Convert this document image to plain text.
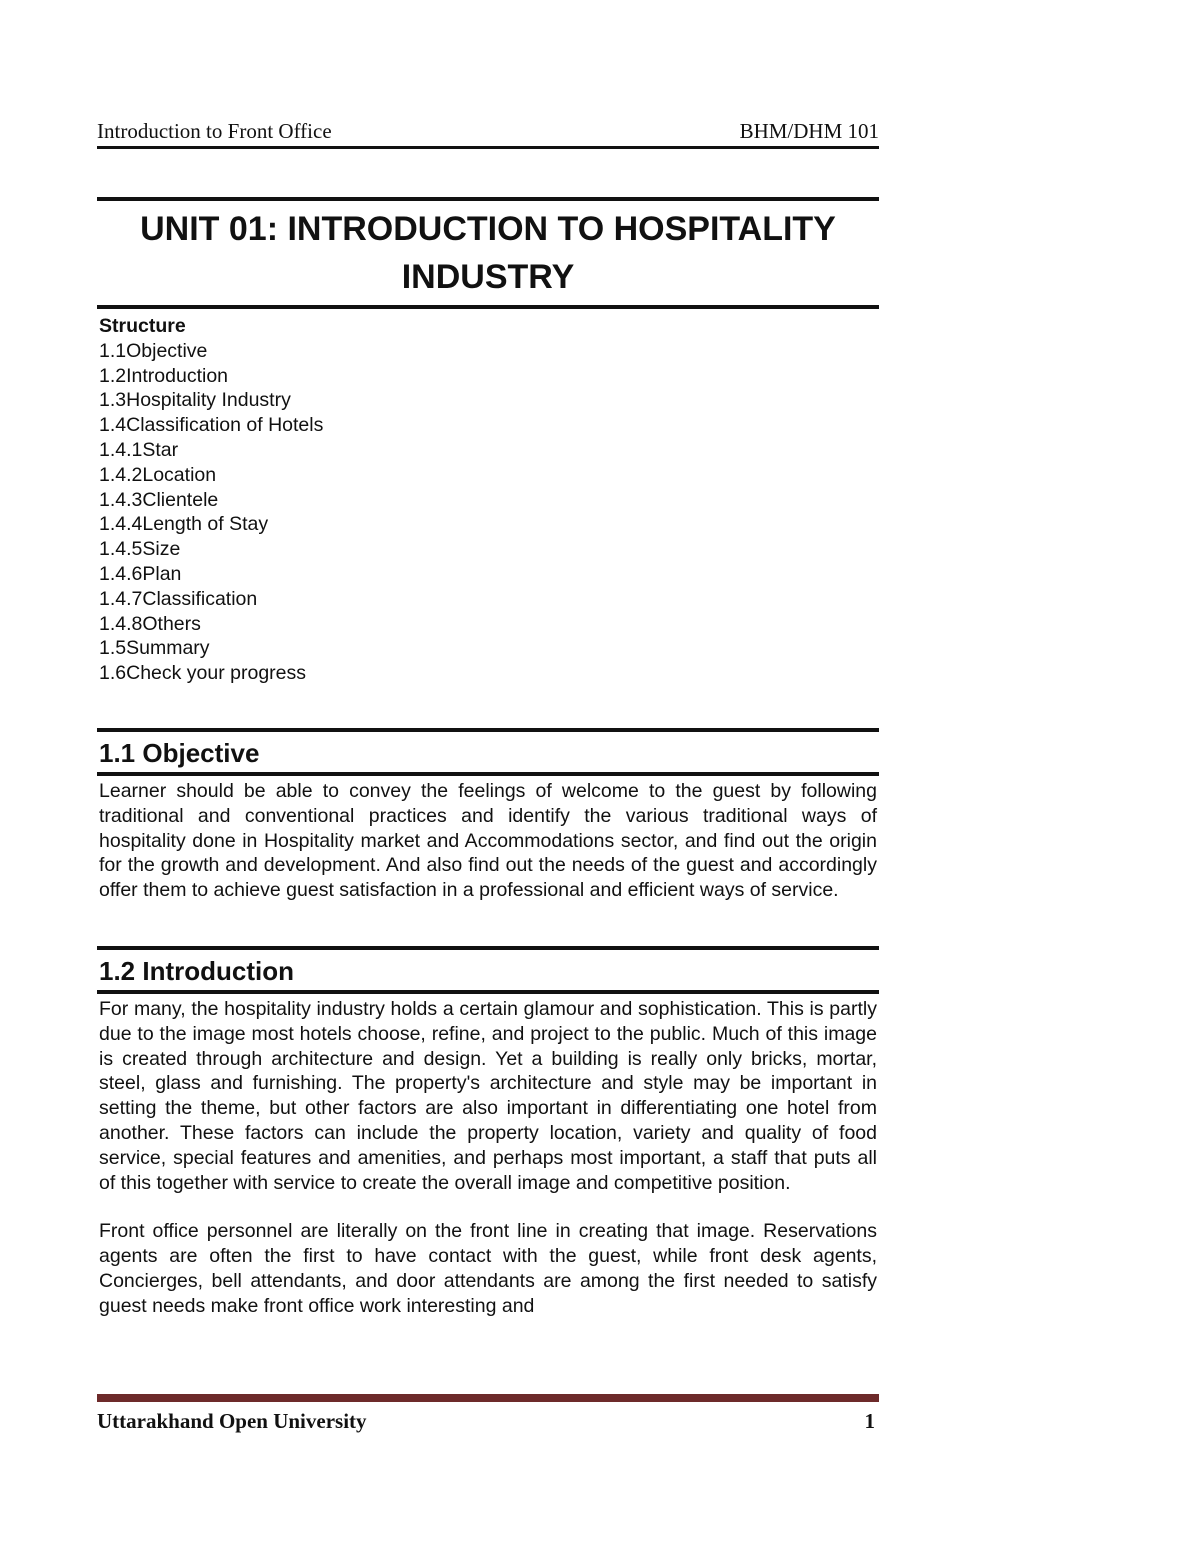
Introduction to Front Office	BHM/DHM 101
UNIT 01: INTRODUCTION TO HOSPITALITY
INDUSTRY
Structure
1.1Objective
1.2Introduction
1.3Hospitality Industry
1.4Classification of Hotels
1.4.1Star
1.4.2Location
1.4.3Clientele
1.4.4Length of Stay
1.4.5Size
1.4.6Plan
1.4.7Classification
1.4.8Others
1.5Summary
1.6Check your progress
1.1 Objective

Learner should be able to convey the feelings of welcome to the guest by following traditional and conventional practices and identify the various traditional ways of hospitality done in Hospitality market and Accommodations sector, and find out the origin for the growth and development. And also find out the needs of the guest and accordingly offer them to achieve guest satisfaction in a professional and efficient ways of service.

1.2 Introduction

For many, the hospitality industry holds a certain glamour and sophistication. This is partly due to the image most hotels choose, refine, and project to the public. Much of this image is created through architecture and design. Yet a building is really only bricks, mortar, steel, glass and furnishing. The property's architecture and style may be important in setting the theme, but other factors are also important in differentiating one hotel from another. These factors can include the property location, variety and quality of food service, special features and amenities, and perhaps most important, a staff that puts all of this together with service to create the overall image and competitive position.

Front office personnel are literally on the front line in creating that image. Reservations agents are often the first to have contact with the guest, while front desk agents, Concierges, bell attendants, and door attendants are among the first needed to satisfy guest needs make front office work interesting and

Uttarakhand Open University	1
